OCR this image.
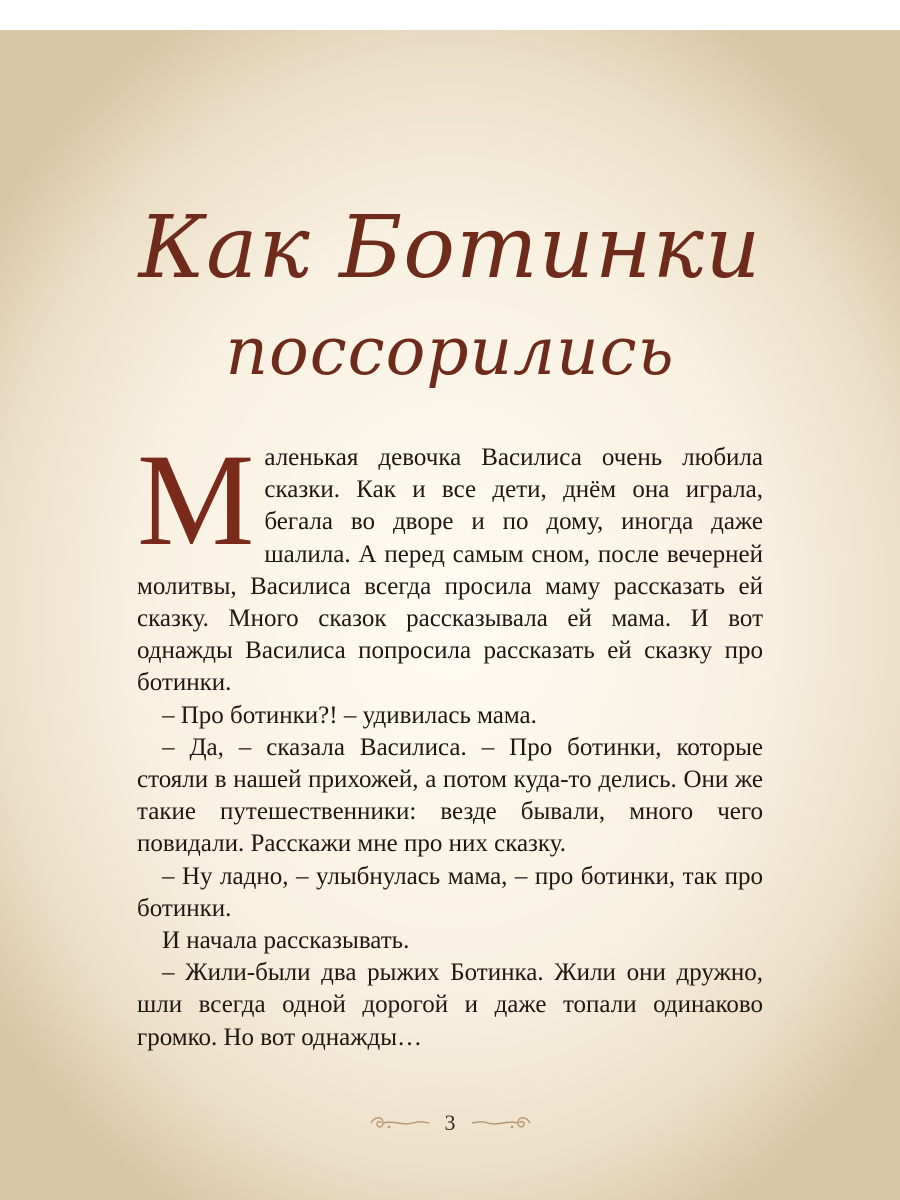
Как Ботинки
поссорились

Маленькая девочка Василиса очень любила сказки. Как и все дети, днём она играла, бегала во дворе и по дому, иногда даже шалила. А перед самым сном, после вечерней молитвы, Василиса всегда просила маму рассказать ей сказку. Много сказок рассказывала ей мама. И вот однажды Василиса попросила рассказать ей сказку про ботинки.

– Про ботинки?! – удивилась мама.

– Да, – сказала Василиса. – Про ботинки, которые стояли в нашей прихожей, а потом куда-то делись. Они же такие путешественники: везде бывали, много чего повидали. Расскажи мне про них сказку.

– Ну ладно, – улыбнулась мама, – про ботинки, так про ботинки.

И начала рассказывать.

– Жили-были два рыжих Ботинка. Жили они дружно, шли всегда одной дорогой и даже топали одинаково громко. Но вот однажды…

3
